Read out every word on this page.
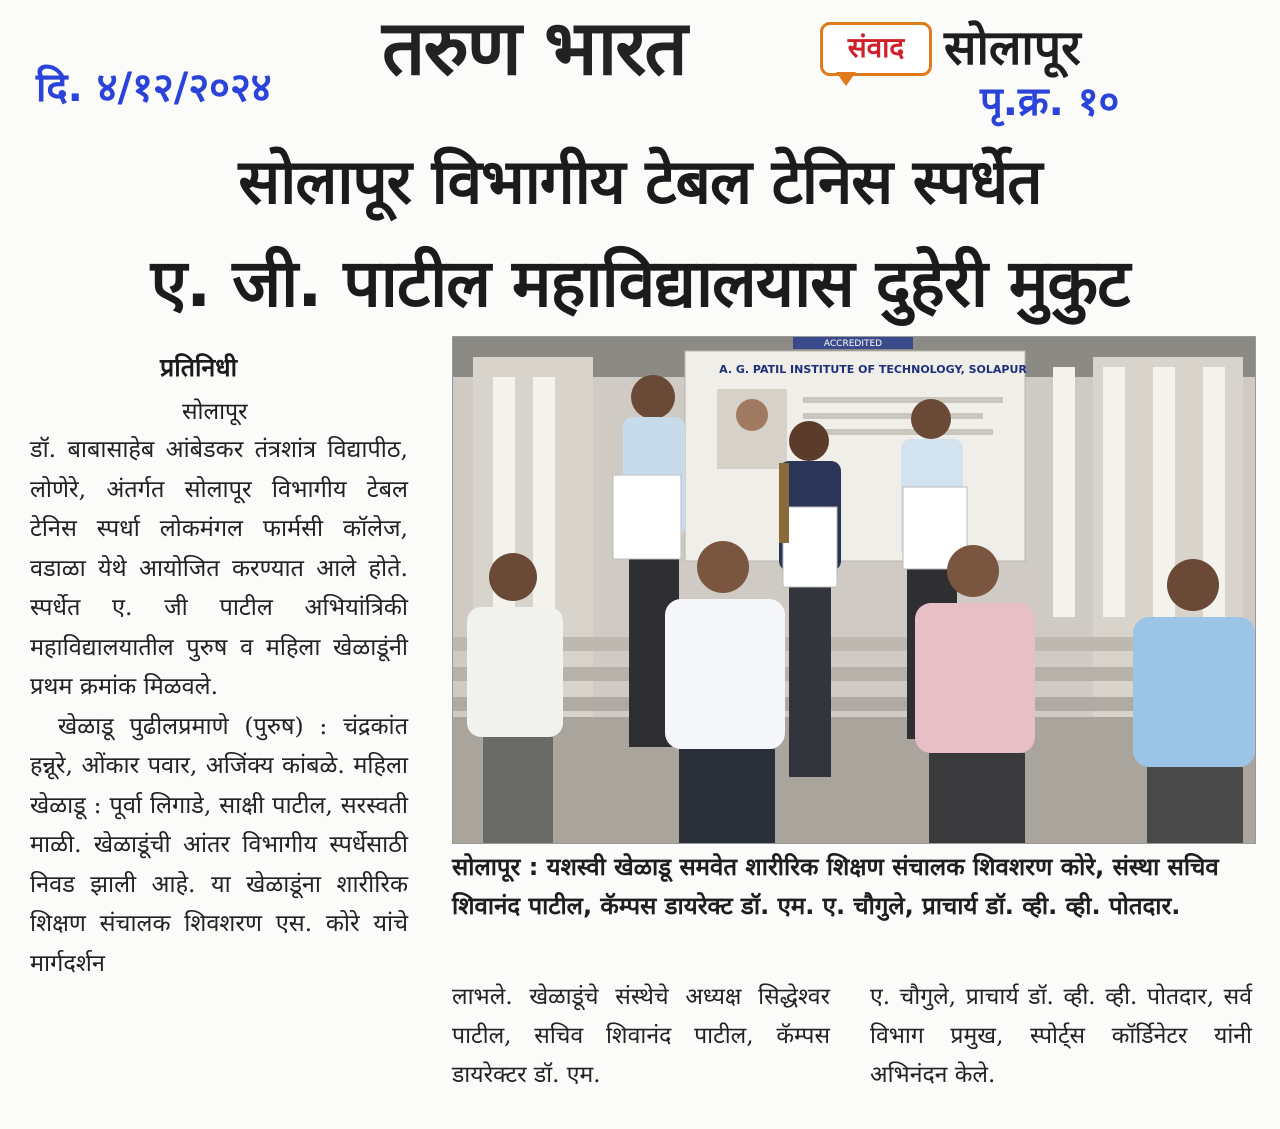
दि. ४/१२/२०२४ तरुण भारत	संवाद सोलापूर
पृ.क्र. १०
सोलापूर विभागीय टेबल टेनिस स्पर्धेत
ए. जी. पाटील महाविद्यालयास दुहेरी मुकुट
प्रतिनिधी
सोलापूर

डॉ. बाबासाहेब आंबेडकर तंत्रशांत्र विद्यापीठ, लोणेरे, अंतर्गत सोलापूर विभागीय टेबल टेनिस स्पर्धा लोकमंगल फार्मसी कॉलेज, वडाळा येथे आयोजित करण्यात आले होते. स्पर्धेत ए. जी पाटील अभियांत्रिकी महाविद्यालयातील पुरुष व महिला खेळाडूंनी प्रथम क्रमांक मिळवले.

खेळाडू पुढीलप्रमाणे (पुरुष) : चंद्रकांत हन्नूरे, ओंकार पवार, अजिंक्य कांबळे. महिला खेळाडू : पूर्वा लिगाडे, साक्षी पाटील, सरस्वती माळी. खेळाडूंची आंतर विभागीय स्पर्धेसाठी निवड झाली आहे. या खेळाडूंना शारीरिक शिक्षण संचालक शिवशरण एस. कोरे यांचे मार्गदर्शन

ACCREDITED
A. G. PATIL INSTITUTE OF TECHNOLOGY, SOLAPUR
सोलापूर : यशस्वी खेळाडू समवेत शारीरिक शिक्षण संचालक शिवशरण कोरे, संस्था सचिव शिवानंद पाटील, कॅम्पस डायरेक्ट डॉ. एम. ए. चौगुले, प्राचार्य डॉ. व्ही. व्ही. पोतदार.

लाभले. खेळाडूंचे संस्थेचे अध्यक्ष सिद्धेश्वर पाटील, सचिव शिवानंद पाटील, कॅम्पस डायरेक्टर डॉ. एम.

ए. चौगुले, प्राचार्य डॉ. व्ही. व्ही. पोतदार, सर्व विभाग प्रमुख, स्पोर्ट्स कॉर्डिनेटर यांनी अभिनंदन केले.
